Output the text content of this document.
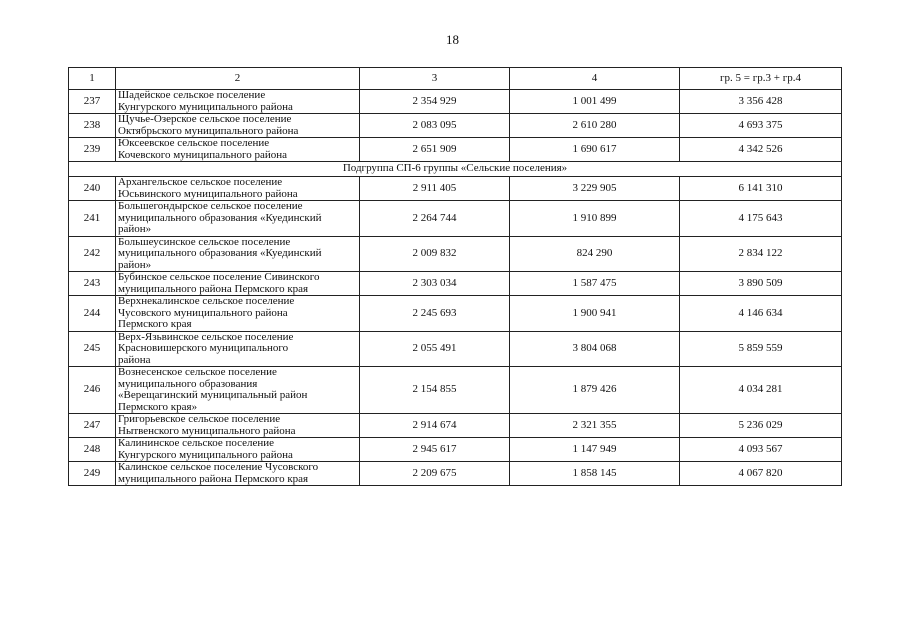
18
1	2	3	4	гр. 5 = гр.3 + гр.4
237	Шадейское сельское поселение
Кунгурского муниципального района	2 354 929	1 001 499	3 356 428
238	Щучье-Озерское сельское поселение
Октябрьского муниципального района	2 083 095	2 610 280	4 693 375
239	Юксеевское сельское поселение
Кочевского муниципального района	2 651 909	1 690 617	4 342 526
Подгруппа СП-6 группы «Сельские поселения»				
240	Архангельское сельское поселение
Юсьвинского муниципального района	2 911 405	3 229 905	6 141 310
241	Большегондырское сельское поселение
муниципального образования «Куединский
район»	2 264 744	1 910 899	4 175 643
242	Большеусинское сельское поселение
муниципального образования «Куединский
район»	2 009 832	824 290	2 834 122
243	Бубинское сельское поселение Сивинского
муниципального района Пермского края	2 303 034	1 587 475	3 890 509
244	Верхнекалинское сельское поселение
Чусовского муниципального района
Пермского края	2 245 693	1 900 941	4 146 634
245	Верх-Язьвинское сельское поселение
Красновишерского муниципального
района	2 055 491	3 804 068	5 859 559
246	Вознесенское сельское поселение
муниципального образования
«Верещагинский муниципальный район
Пермского края»	2 154 855	1 879 426	4 034 281
247	Григорьевское сельское поселение
Нытвенского муниципального района	2 914 674	2 321 355	5 236 029
248	Калининское сельское поселение
Кунгурского муниципального района	2 945 617	1 147 949	4 093 567
249	Калинское сельское поселение Чусовского
муниципального района Пермского края	2 209 675	1 858 145	4 067 820
